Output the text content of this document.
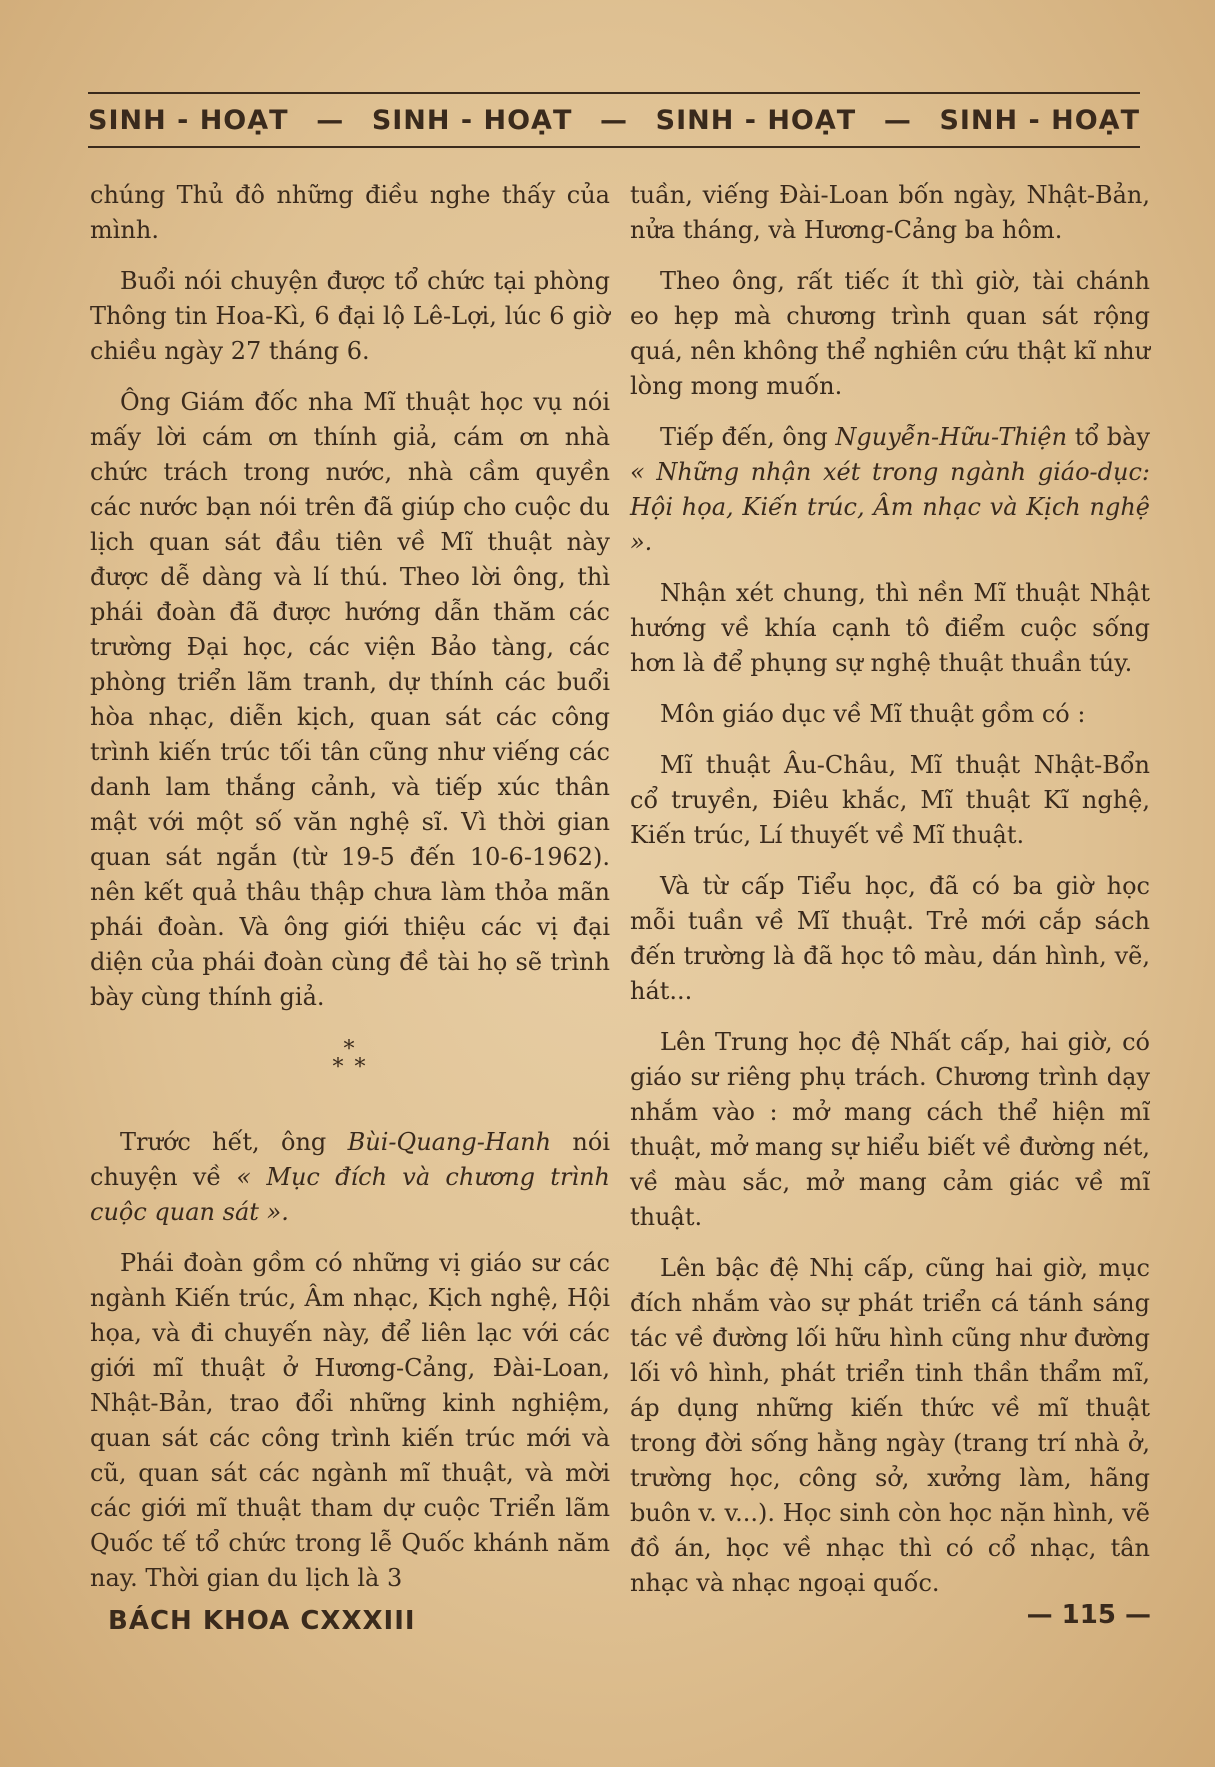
SINH - HOẠT — SINH - HOẠT — SINH - HOẠT — SINH - HOẠT

chúng Thủ đô những điều nghe thấy của mình.

Buổi nói chuyện được tổ chức tại phòng Thông tin Hoa-Kì, 6 đại lộ Lê-Lợi, lúc 6 giờ chiều ngày 27 tháng 6.

Ông Giám đốc nha Mĩ thuật học vụ nói mấy lời cám ơn thính giả, cám ơn nhà chức trách trong nước, nhà cầm quyền các nước bạn nói trên đã giúp cho cuộc du lịch quan sát đầu tiên về Mĩ thuật này được dễ dàng và lí thú. Theo lời ông, thì phái đoàn đã được hướng dẫn thăm các trường Đại học, các viện Bảo tàng, các phòng triển lãm tranh, dự thính các buổi hòa nhạc, diễn kịch, quan sát các công trình kiến trúc tối tân cũng như viếng các danh lam thắng cảnh, và tiếp xúc thân mật với một số văn nghệ sĩ. Vì thời gian quan sát ngắn (từ 19-5 đến 10-6-1962). nên kết quả thâu thập chưa làm thỏa mãn phái đoàn. Và ông giới thiệu các vị đại diện của phái đoàn cùng đề tài họ sẽ trình bày cùng thính giả.

*
* *

Trước hết, ông Bùi-Quang-Hanh nói chuyện về « Mục đích và chương trình cuộc quan sát ».

Phái đoàn gồm có những vị giáo sư các ngành Kiến trúc, Âm nhạc, Kịch nghệ, Hội họa, và đi chuyến này, để liên lạc với các giới mĩ thuật ở Hương-Cảng, Đài-Loan, Nhật-Bản, trao đổi những kinh nghiệm, quan sát các công trình kiến trúc mới và cũ, quan sát các ngành mĩ thuật, và mời các giới mĩ thuật tham dự cuộc Triển lãm Quốc tế tổ chức trong lễ Quốc khánh năm nay. Thời gian du lịch là 3

tuần, viếng Đài-Loan bốn ngày, Nhật-Bản, nửa tháng, và Hương-Cảng ba hôm.

Theo ông, rất tiếc ít thì giờ, tài chánh eo hẹp mà chương trình quan sát rộng quá, nên không thể nghiên cứu thật kĩ như lòng mong muốn.

Tiếp đến, ông Nguyễn-Hữu-Thiện tổ bày « Những nhận xét trong ngành giáo-dục: Hội họa, Kiến trúc, Âm nhạc và Kịch nghệ ».

Nhận xét chung, thì nền Mĩ thuật Nhật hướng về khía cạnh tô điểm cuộc sống hơn là để phụng sự nghệ thuật thuần túy.

Môn giáo dục về Mĩ thuật gồm có :

Mĩ thuật Âu-Châu, Mĩ thuật Nhật-Bổn cổ truyền, Điêu khắc, Mĩ thuật Kĩ nghệ, Kiến trúc, Lí thuyết về Mĩ thuật.

Và từ cấp Tiểu học, đã có ba giờ học mỗi tuần về Mĩ thuật. Trẻ mới cắp sách đến trường là đã học tô màu, dán hình, vẽ, hát...

Lên Trung học đệ Nhất cấp, hai giờ, có giáo sư riêng phụ trách. Chương trình dạy nhắm vào : mở mang cách thể hiện mĩ thuật, mở mang sự hiểu biết về đường nét, về màu sắc, mở mang cảm giác về mĩ thuật.

Lên bậc đệ Nhị cấp, cũng hai giờ, mục đích nhắm vào sự phát triển cá tánh sáng tác về đường lối hữu hình cũng như đường lối vô hình, phát triển tinh thần thẩm mĩ, áp dụng những kiến thức về mĩ thuật trong đời sống hằng ngày (trang trí nhà ở, trường học, công sở, xưởng làm, hãng buôn v. v...). Học sinh còn học nặn hình, vẽ đồ án, học về nhạc thì có cổ nhạc, tân nhạc và nhạc ngoại quốc.

BÁCH KHOA CXXXIII	— 115 —
